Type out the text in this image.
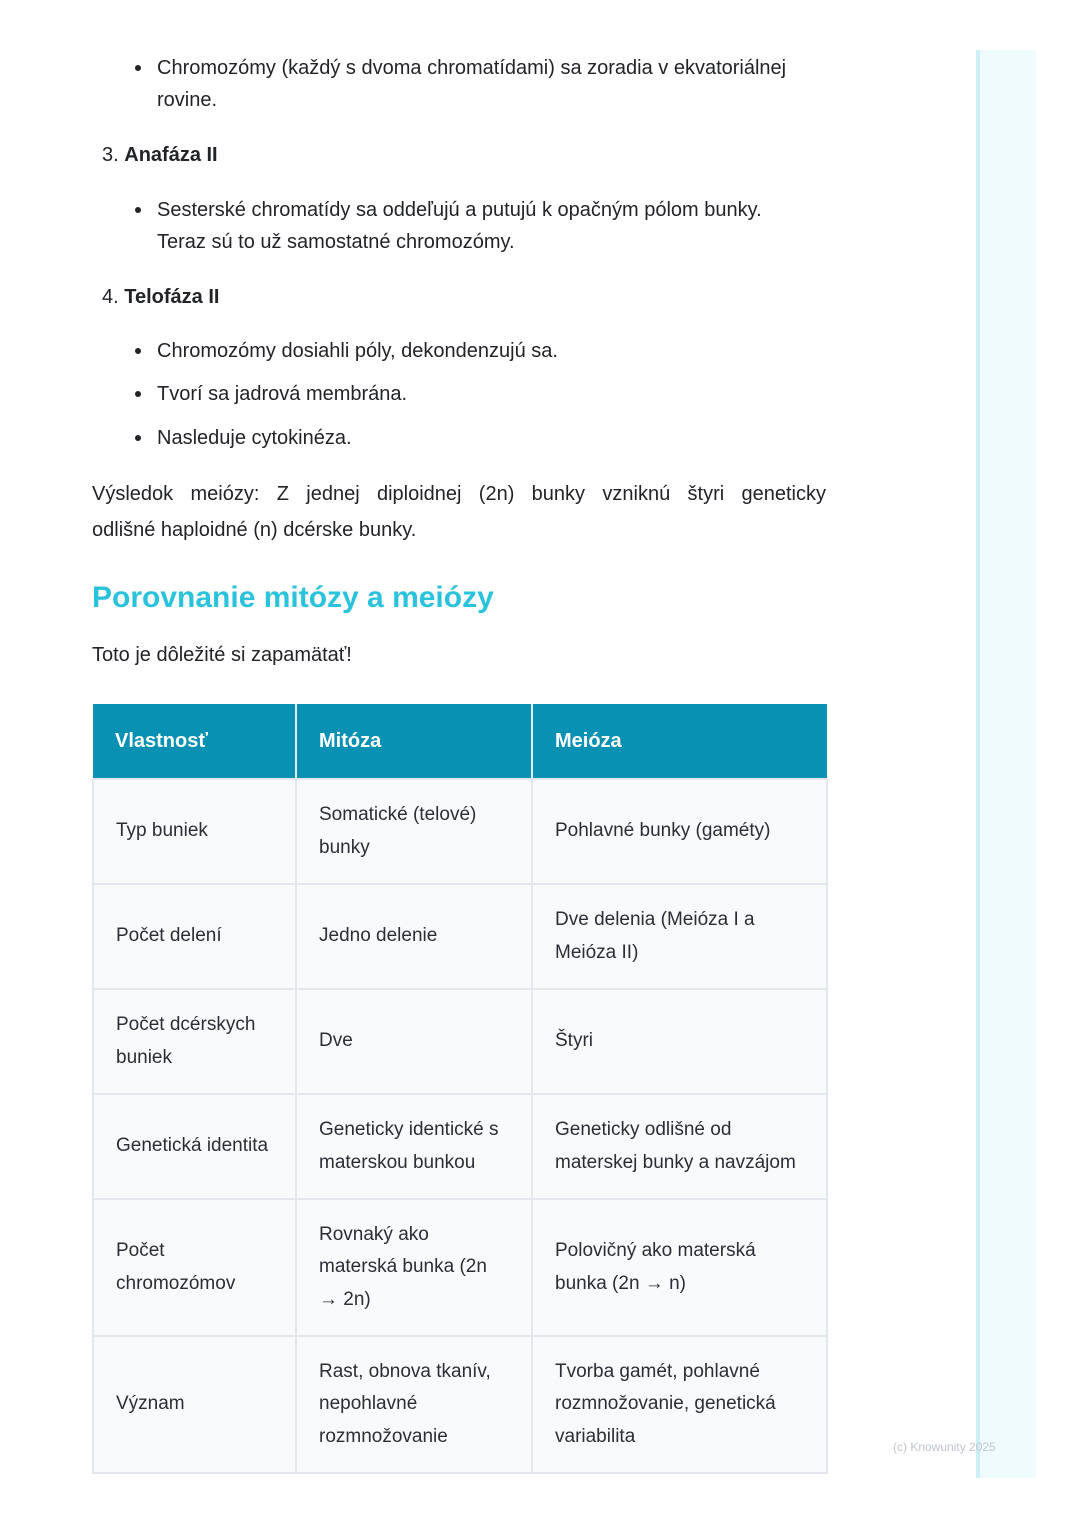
Chromozómy (každý s dvoma chromatídami) sa zoradia v ekvatoriálnej
rovine.
3. Anafáza II
Sesterské chromatídy sa oddeľujú a putujú k opačným pólom bunky.
Teraz sú to už samostatné chromozómy.
4. Telofáza II
Chromozómy dosiahli póly, dekondenzujú sa.
Tvorí sa jadrová membrána.
Nasleduje cytokinéza.
Výsledok meiózy: Z jednej diploidnej (2n) bunky vzniknú štyri geneticky
odlišné haploidné (n) dcérske bunky.
Porovnanie mitózy a meiózy
Toto je dôležité si zapamätať!
Vlastnosť	Mitóza	Meióza
Typ buniek	Somatické (telové) bunky	Pohlavné bunky (gaméty)
Počet delení	Jedno delenie	Dve delenia (Meióza I a Meióza II)
Počet dcérskych buniek	Dve	Štyri
Genetická identita	Geneticky identické s materskou bunkou	Geneticky odlišné od materskej bunky a navzájom
Počet chromozómov	Rovnaký ako materská bunka (2n → 2n)	Polovičný ako materská bunka (2n → n)
Význam	Rast, obnova tkanív, nepohlavné rozmnožovanie	Tvorba gamét, pohlavné rozmnožovanie, genetická variabilita
(c) Knowunity 2025
